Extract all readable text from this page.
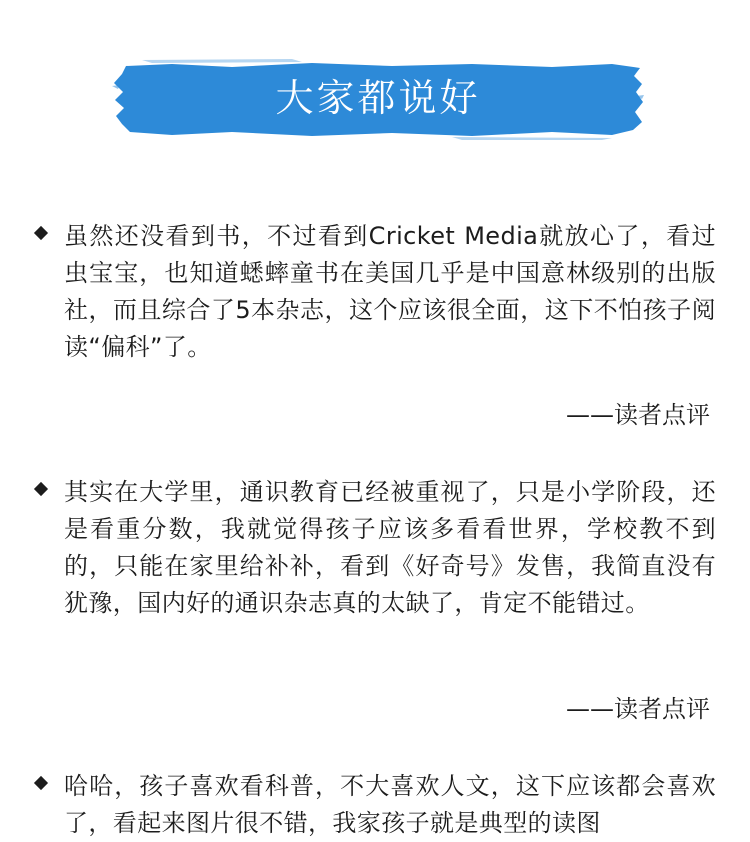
大家都说好

虽然还没看到书，不过看到Cricket Media就放心了，看过虫宝宝，也知道蟋蟀童书在美国几乎是中国意林级别的出版社，而且综合了5本杂志，这个应该很全面，这下不怕孩子阅读“偏科”了。

——读者点评

其实在大学里，通识教育已经被重视了，只是小学阶段，还是看重分数，我就觉得孩子应该多看看世界，学校教不到的，只能在家里给补补，看到《好奇号》发售，我简直没有犹豫，国内好的通识杂志真的太缺了，肯定不能错过。

——读者点评

哈哈，孩子喜欢看科普，不大喜欢人文，这下应该都会喜欢了，看起来图片很不错，我家孩子就是典型的读图
